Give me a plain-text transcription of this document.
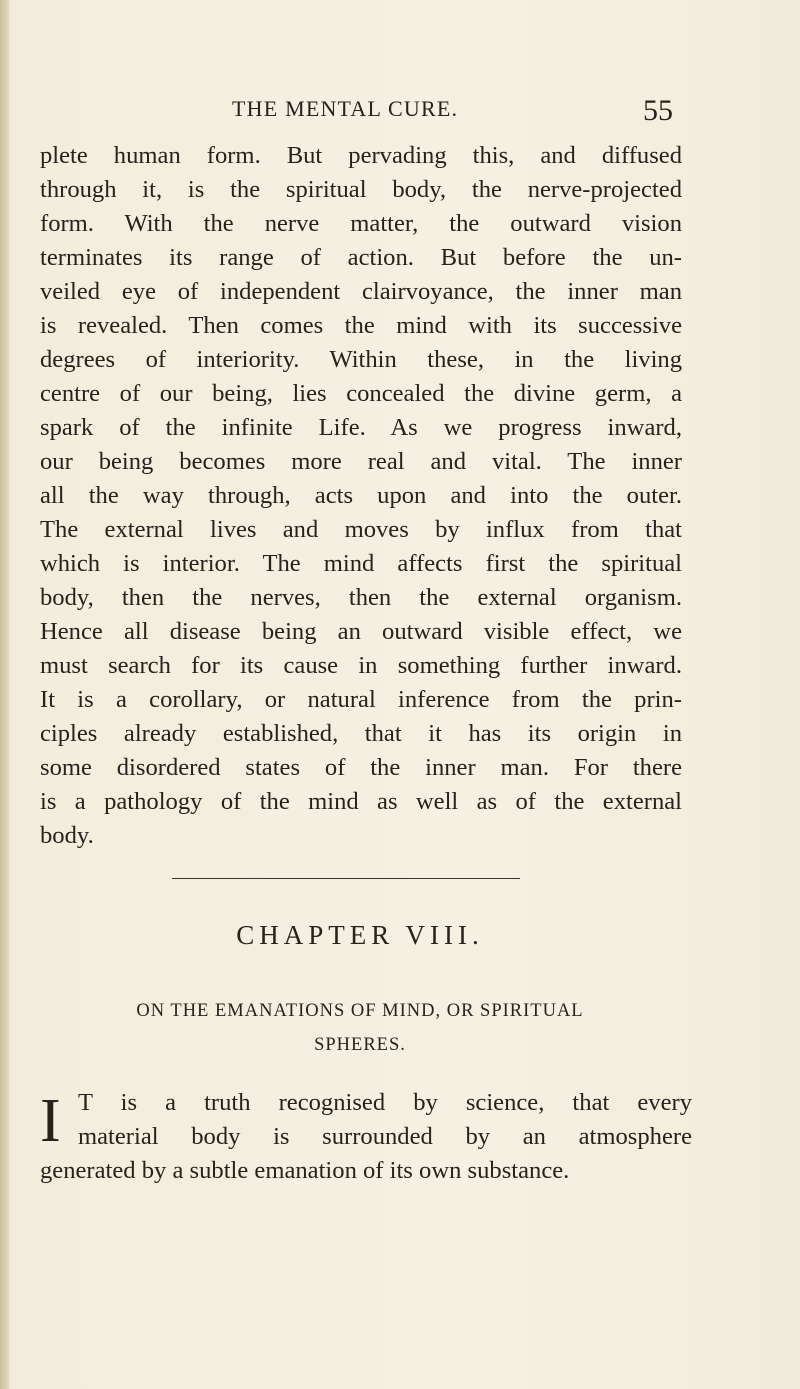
THE MENTAL CURE.	55
plete human form. But pervading this, and diffused
through it, is the spiritual body, the nerve-projected
form. With the nerve matter, the outward vision
terminates its range of action. But before the un-
veiled eye of independent clairvoyance, the inner man
is revealed. Then comes the mind with its successive
degrees of interiority. Within these, in the living
centre of our being, lies concealed the divine germ, a
spark of the infinite Life. As we progress inward,
our being becomes more real and vital. The inner
all the way through, acts upon and into the outer.
The external lives and moves by influx from that
which is interior. The mind affects first the spiritual
body, then the nerves, then the external organism.
Hence all disease being an outward visible effect, we
must search for its cause in something further inward.
It is a corollary, or natural inference from the prin-
ciples already established, that it has its origin in
some disordered states of the inner man. For there
is a pathology of the mind as well as of the external
body.
CHAPTER VIII.
ON THE EMANATIONS OF MIND, OR SPIRITUAL
SPHERES.
I T is a truth recognised by science, that every
material body is surrounded by an atmosphere
generated by a subtle emanation of its own substance.
